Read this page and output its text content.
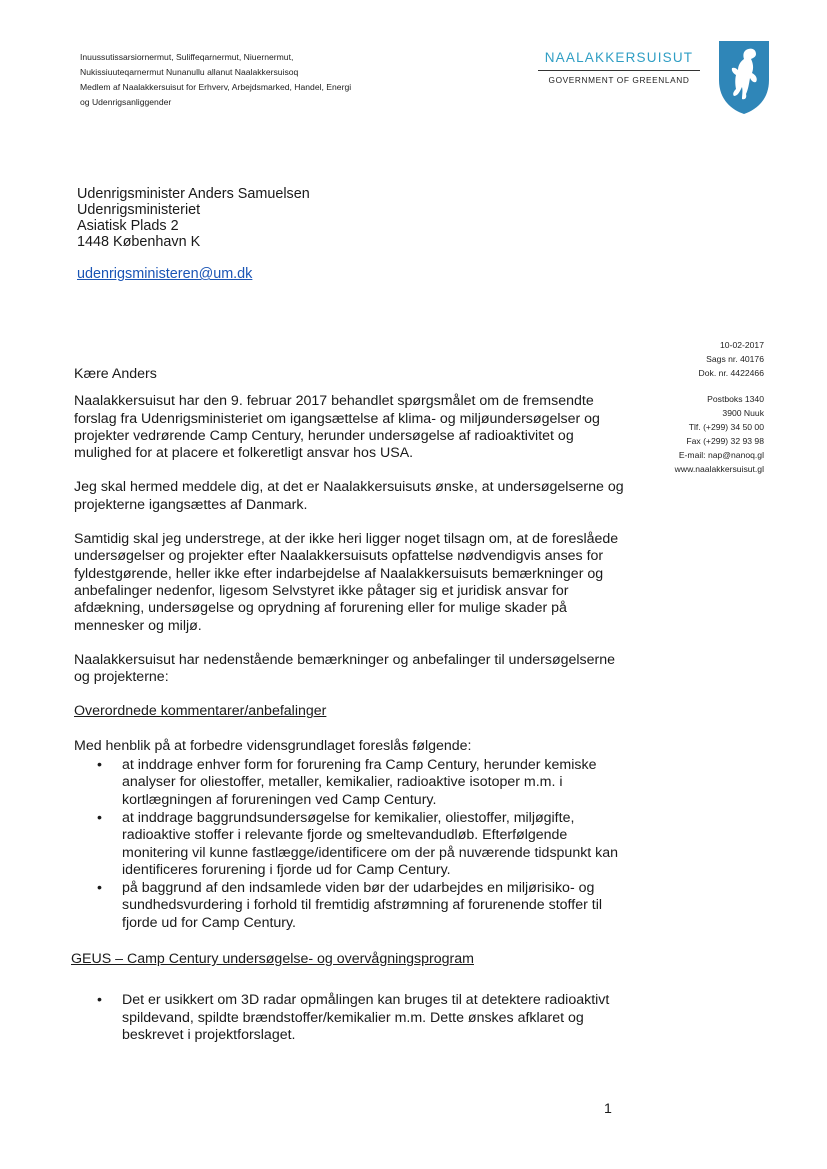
Inuussutissarsiornermut, Suliffeqarnermut, Niuernermut,
Nukissiuuteqarnermut Nunanullu allanut Naalakkersuisoq
Medlem af Naalakkersuisut for Erhverv, Arbejdsmarked, Handel, Energi
og Udenrigsanliggender
NAALAKKERSUISUT
GOVERNMENT OF GREENLAND
Udenrigsminister Anders Samuelsen
Udenrigsministeriet
Asiatisk Plads 2
1448 København K
udenrigsministeren@um.dk
10-02-2017
Sags nr. 40176
Dok. nr. 4422466
Postboks 1340
3900 Nuuk
Tlf. (+299) 34 50 00
Fax (+299) 32 93 98
E-mail: nap@nanoq.gl
www.naalakkersuisut.gl

Kære Anders

Naalakkersuisut har den 9. februar 2017 behandlet spørgsmålet om de fremsendte forslag fra Udenrigsministeriet om igangsættelse af klima- og miljøundersøgelser og projekter vedrørende Camp Century, herunder undersøgelse af radioaktivitet og mulighed for at placere et folkeretligt ansvar hos USA.

Jeg skal hermed meddele dig, at det er Naalakkersuisuts ønske, at undersøgelserne og projekterne igangsættes af Danmark.

Samtidig skal jeg understrege, at der ikke heri ligger noget tilsagn om, at de foreslåede undersøgelser og projekter efter Naalakkersuisuts opfattelse nødvendigvis anses for fyldestgørende, heller ikke efter indarbejdelse af Naalakkersuisuts bemærkninger og anbefalinger nedenfor, ligesom Selvstyret ikke påtager sig et juridisk ansvar for afdækning, undersøgelse og oprydning af forurening eller for mulige skader på mennesker og miljø.

Naalakkersuisut har nedenstående bemærkninger og anbefalinger til undersøgelserne og projekterne:

Overordnede kommentarer/anbefalinger

Med henblik på at forbedre vidensgrundlaget foreslås følgende:

• at inddrage enhver form for forurening fra Camp Century, herunder kemiske analyser for oliestoffer, metaller, kemikalier, radioaktive isotoper m.m. i kortlægningen af forureningen ved Camp Century.
• at inddrage baggrundsundersøgelse for kemikalier, oliestoffer, miljøgifte, radioaktive stoffer i relevante fjorde og smeltevandudløb. Efterfølgende monitering vil kunne fastlægge/identificere om der på nuværende tidspunkt kan identificeres forurening i fjorde ud for Camp Century.
• på baggrund af den indsamlede viden bør der udarbejdes en miljørisiko- og sundhedsvurdering i forhold til fremtidig afstrømning af forurenende stoffer til fjorde ud for Camp Century.

GEUS – Camp Century undersøgelse- og overvågningsprogram

• Det er usikkert om 3D radar opmålingen kan bruges til at detektere radioaktivt spildevand, spildte brændstoffer/kemikalier m.m. Dette ønskes afklaret og beskrevet i projektforslaget.
1
